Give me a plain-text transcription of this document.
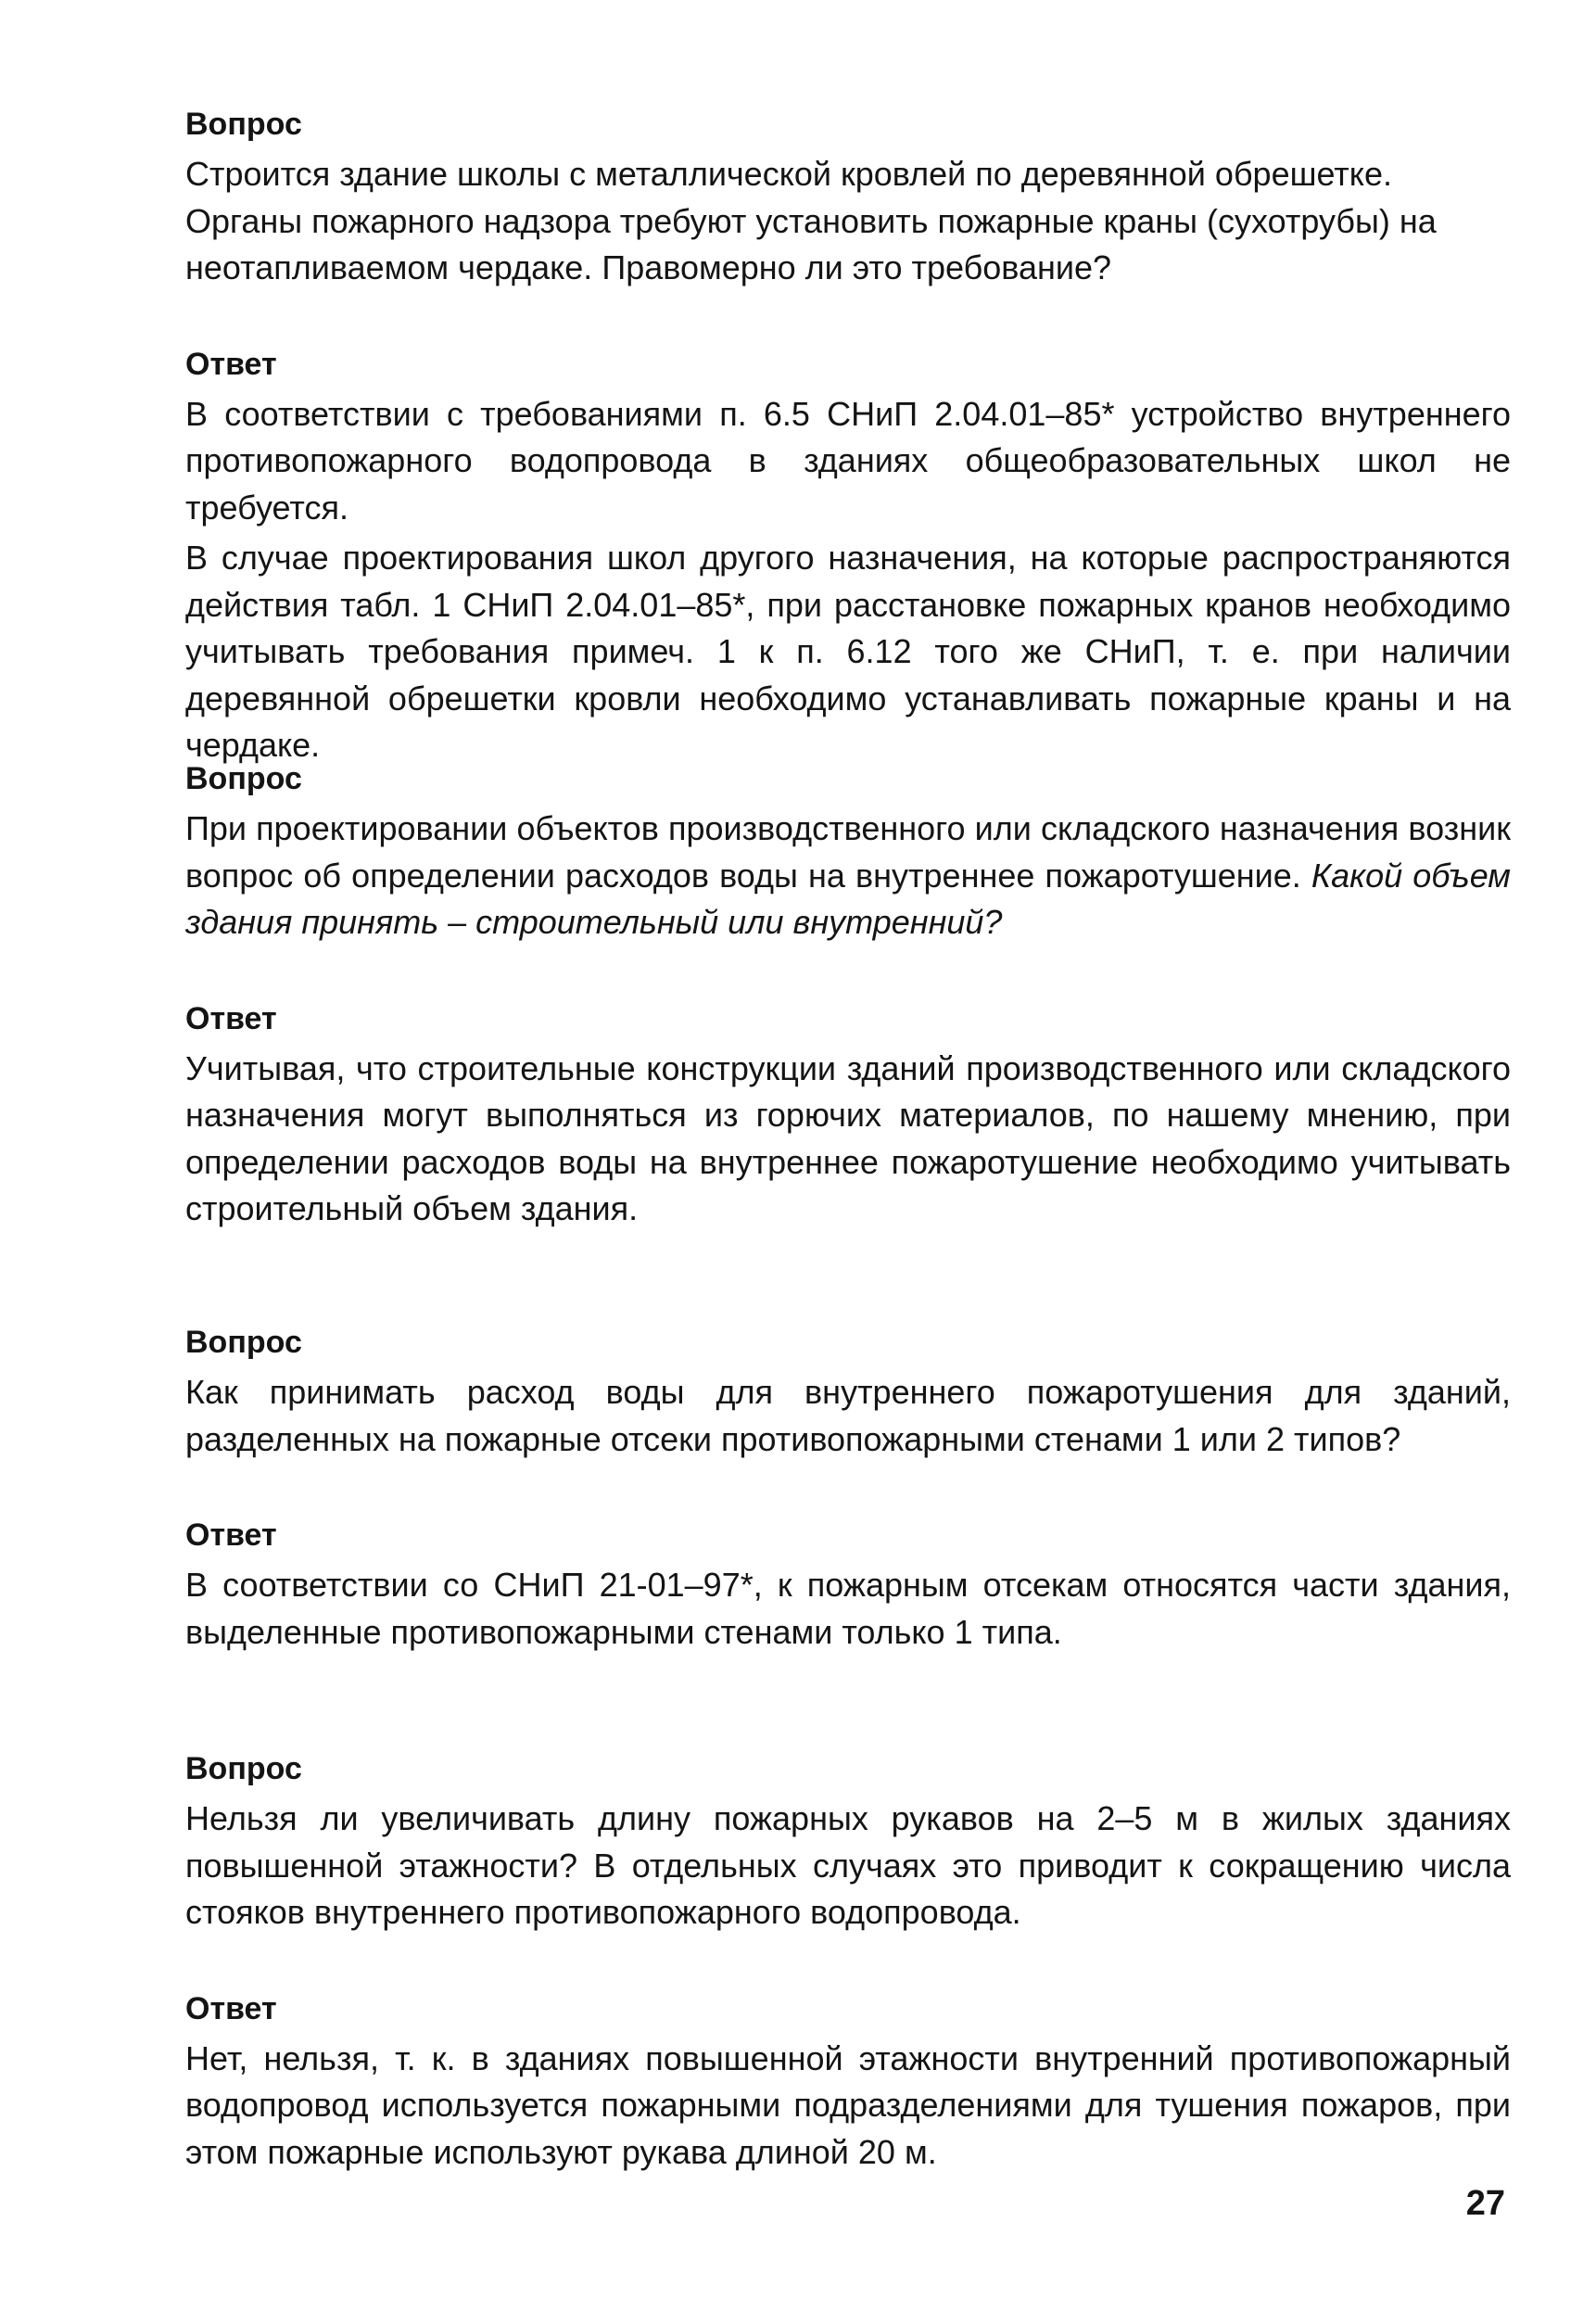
Вопрос

Строится здание школы с металлической кровлей по деревянной обрешетке. Органы пожарного надзора требуют установить пожарные краны (сухотрубы) на неотапливаемом чердаке. Правомерно ли это требование?

Ответ

В соответствии с требованиями п. 6.5 СНиП 2.04.01–85* устройство внутреннего противопожарного водопровода в зданиях общеобразовательных школ не требуется.

В случае проектирования школ другого назначения, на которые распространяются действия табл. 1 СНиП 2.04.01–85*, при расстановке пожарных кранов необходимо учитывать требования примеч. 1 к п. 6.12 того же СНиП, т. е. при наличии деревянной обрешетки кровли необходимо устанавливать пожарные краны и на чердаке.

Вопрос

При проектировании объектов производственного или складского назначения возник вопрос об определении расходов воды на внутреннее пожаротушение. Какой объем здания принять – строительный или внутренний?

Ответ

Учитывая, что строительные конструкции зданий производственного или складского назначения могут выполняться из горючих материалов, по нашему мнению, при определении расходов воды на внутреннее пожаротушение необходимо учитывать строительный объем здания.

Вопрос

Как принимать расход воды для внутреннего пожаротушения для зданий, разделенных на пожарные отсеки противопожарными стенами 1 или 2 типов?

Ответ

В соответствии со СНиП 21-01–97*, к пожарным отсекам относятся части здания, выделенные противопожарными стенами только 1 типа.

Вопрос

Нельзя ли увеличивать длину пожарных рукавов на 2–5 м в жилых зданиях повышенной этажности? В отдельных случаях это приводит к сокращению числа стояков внутреннего противопожарного водопровода.

Ответ

Нет, нельзя, т. к. в зданиях повышенной этажности внутренний противопожарный водопровод используется пожарными подразделениями для тушения пожаров, при этом пожарные используют рукава длиной 20 м.

27
